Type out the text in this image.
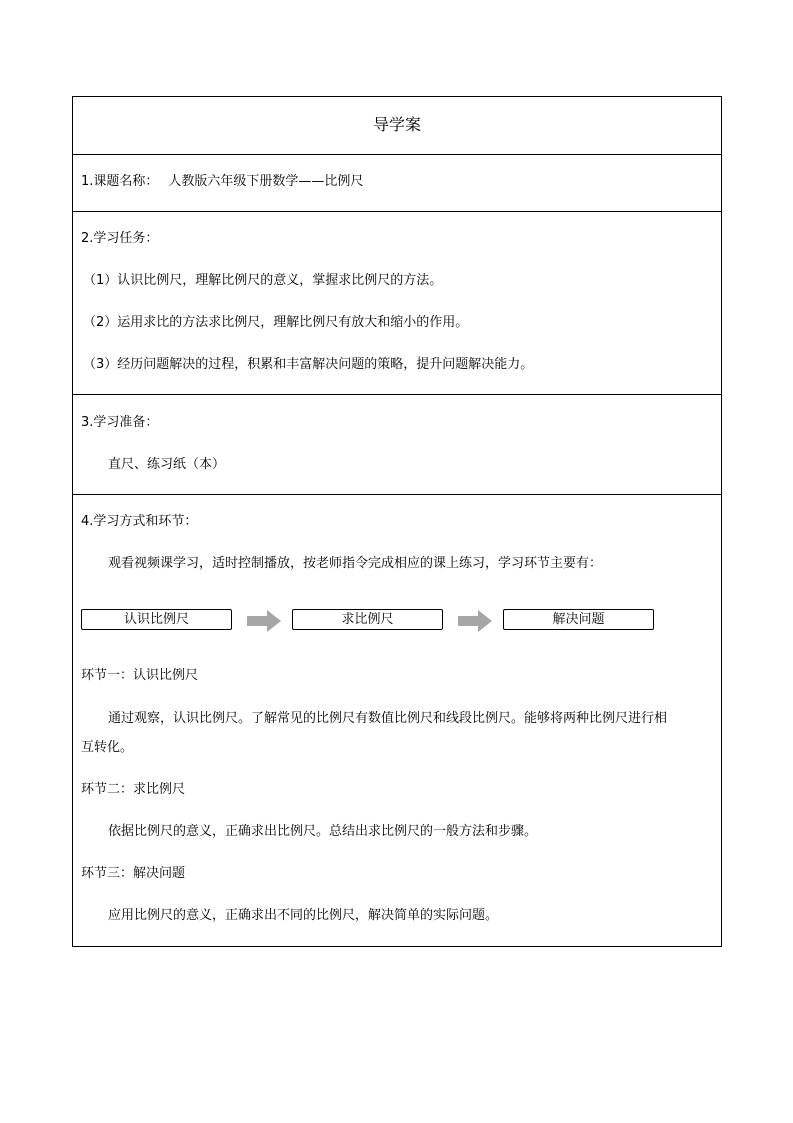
导学案
1.课题名称： 人教版六年级下册数学——比例尺
2.学习任务：
（1）认识比例尺，理解比例尺的意义，掌握求比例尺的方法。
（2）运用求比的方法求比例尺，理解比例尺有放大和缩小的作用。
（3）经历问题解决的过程，积累和丰富解决问题的策略，提升问题解决能力。
3.学习准备：
直尺、练习纸（本）
4.学习方式和环节：
观看视频课学习，适时控制播放，按老师指令完成相应的课上练习，学习环节主要有：
认识比例尺	求比例尺	解决问题
环节一：认识比例尺
通过观察，认识比例尺。了解常见的比例尺有数值比例尺和线段比例尺。能够将两种比例尺进行相
互转化。
环节二：求比例尺
依据比例尺的意义，正确求出比例尺。总结出求比例尺的一般方法和步骤。
环节三：解决问题
应用比例尺的意义，正确求出不同的比例尺，解决简单的实际问题。
